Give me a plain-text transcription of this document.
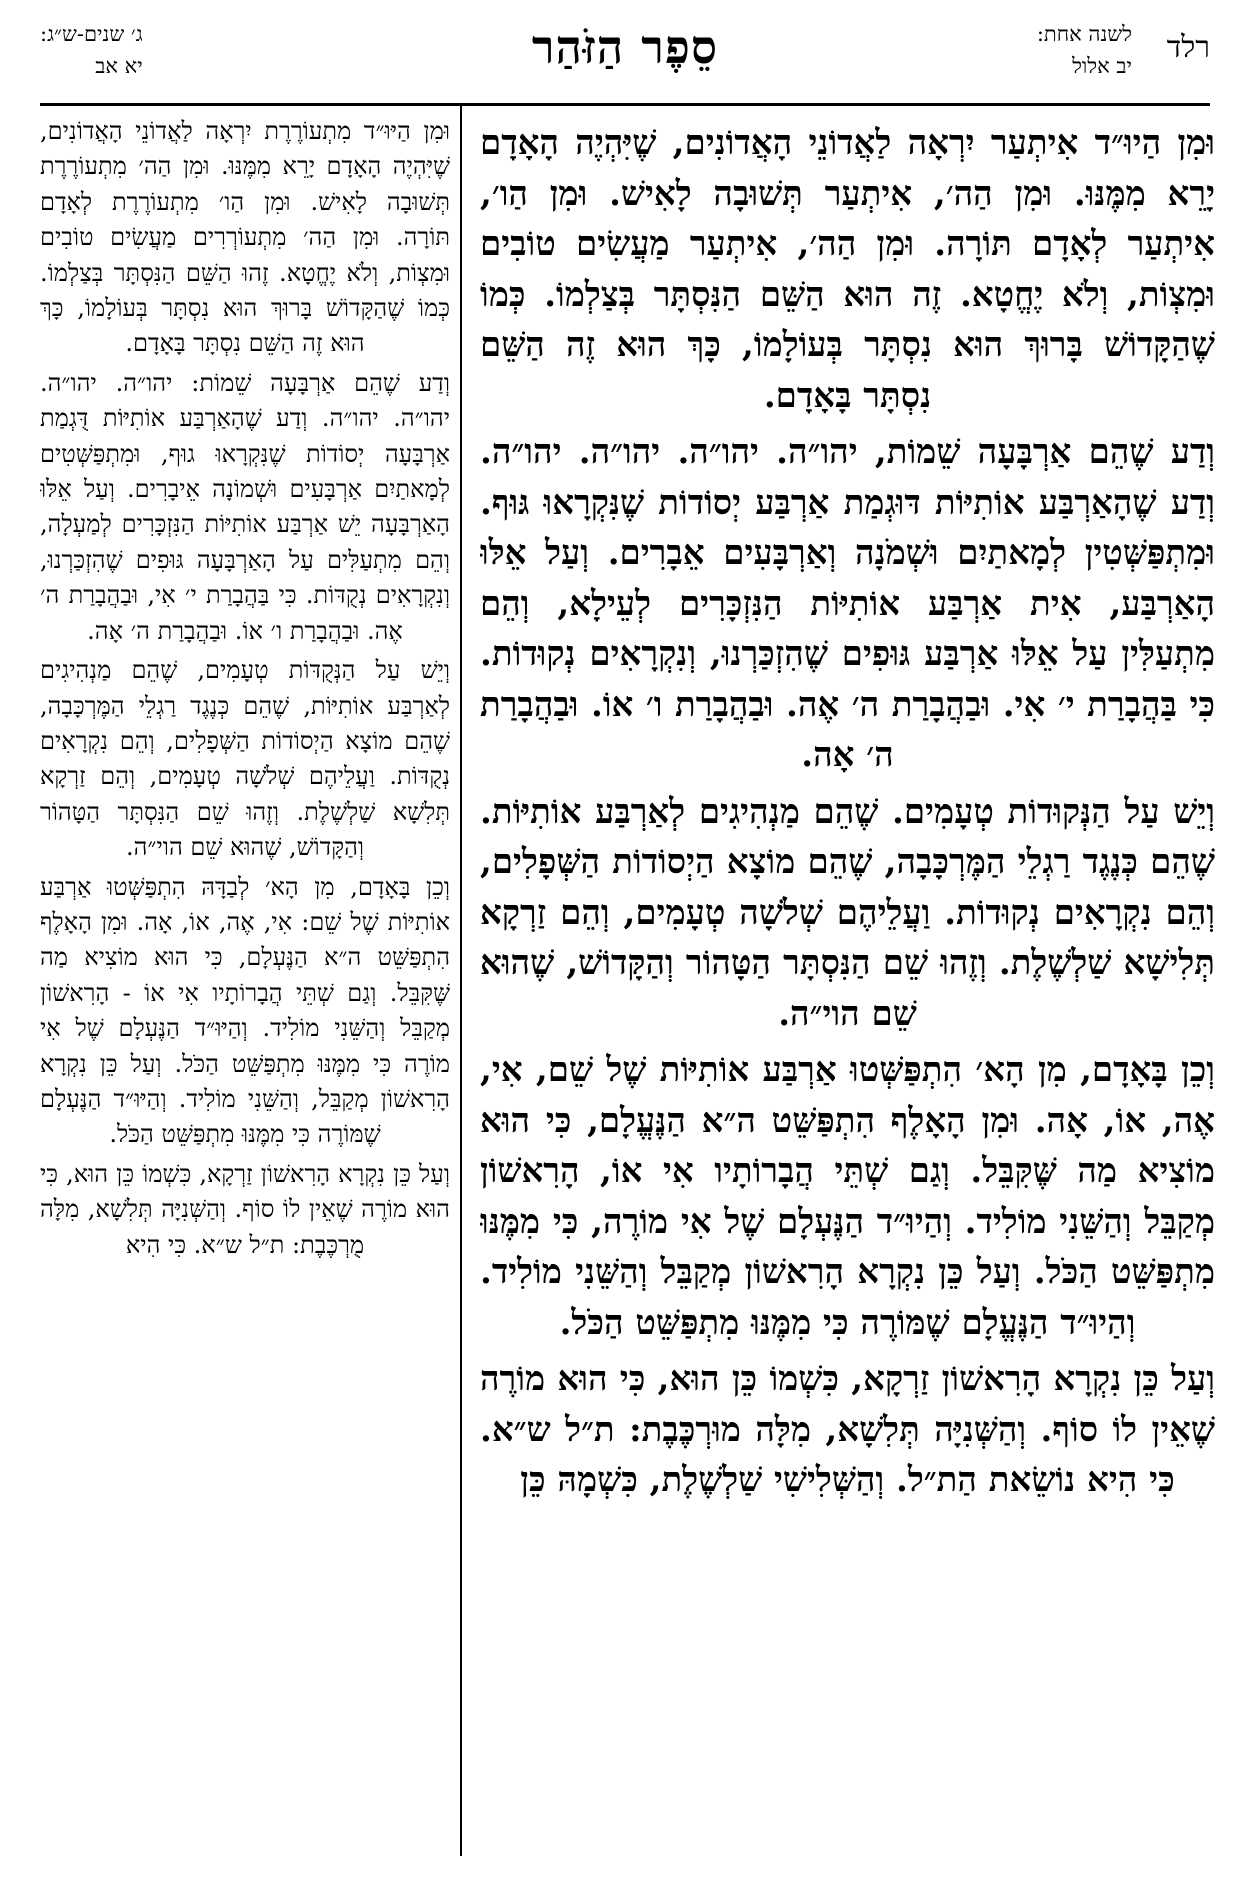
רלד
לשנה אחת:
יב אלול
סֵפֶר הַזֹּהַר
ג׳ שנים-ש״ג:
יא אב

וּמִן הַיוּ״ד אִיתְעַר יִרְאָה לַאֲדוֹנֵי הָאֲדוֹנִים, שֶׁיִּהְיֶה הָאָדָם יָרֵא מִמֶּנּוּ. וּמִן הַה׳, אִיתְעַר תְּשׁוּבָה לָאִישׁ. וּמִן הַו׳, אִיתְעַר לְאָדָם תּוֹרָה. וּמִן הַה׳, אִיתְעַר מַעֲשִׂים טוֹבִים וּמִצְוֹת, וְלֹא יֶחֱטָא. זֶה הוּא הַשֵּׁם הַנִּסְתָּר בְּצַלְמוֹ. כְּמוֹ שֶׁהַקָּדוֹשׁ בָּרוּךְ הוּא נִסְתָּר בְּעוֹלָמוֹ, כָּךְ הוּא זֶה הַשֵּׁם נִסְתָּר בָּאָדָם.

וְדַע שֶׁהֵם אַרְבָּעָה שֵׁמוֹת, יהו״ה. יהו״ה. יהו״ה. יהו״ה. וְדַע שֶׁהָאַרְבַּע אוֹתִיּוֹת דּוּגְמַת אַרְבַּע יְסוֹדוֹת שֶׁנִּקְרָאוּ גּוּף. וּמִתְפַּשְּׁטִין לְמָאתַיִם וּשְׁמֹנָה וְאַרְבָּעִים אֵבָרִים. וְעַל אֵלּוּ הָאַרְבַּע, אִית אַרְבַּע אוֹתִיּוֹת הַנִּזְכָּרִים לְעֵילָא, וְהֵם מִתְעַלִּין עַל אֵלּוּ אַרְבַּע גּוּפִים שֶׁהִזְכַּרְנוּ, וְנִקְרָאִים נְקוּדוֹת. כִּי בַּהֲבָרַת י׳ אִי. וּבַהֲבָרַת ה׳ אֶה. וּבַהֲבָרַת ו׳ אוֹ. וּבַהֲבָרַת ה׳ אָה.

וְיֵשׁ עַל הַנְּקוּדוֹת טְעָמִים. שֶׁהֵם מַנְהִיגִים לְאַרְבַּע אוֹתִיּוֹת. שֶׁהֵם כְּנֶגֶד רַגְלֵי הַמֶּרְכָּבָה, שֶׁהֵם מוֹצָא הַיְסוֹדוֹת הַשְּׁפָלִים, וְהֵם נִקְרָאִים נְקוּדוֹת. וַעֲלֵיהֶם שְׁלֹשָׁה טְעָמִים, וְהֵם זַרְקָא תְּלִישָׁא שַׁלְשֶׁלֶת. וְזֶהוּ שֵׁם הַנִּסְתָּר הַטָּהוֹר וְהַקָּדוֹשׁ, שֶׁהוּא שֵׁם הוי״ה.

וְכֵן בָּאָדָם, מִן הָא׳ הִתְפַּשְּׁטוּ אַרְבַּע אוֹתִיּוֹת שֶׁל שֵׁם, אִי, אֶה, אוֹ, אָה. וּמִן הָאָלֶף הִתְפַּשֵּׁט ה״א הַנֶּעֱלָם, כִּי הוּא מוֹצִיא מַה שֶּׁקִּבֵּל. וְגַם שְׁתֵּי הֲבָרוֹתָיו אִי אוֹ, הָרִאשׁוֹן מְקַבֵּל וְהַשֵּׁנִי מוֹלִיד. וְהַיוּ״ד הַנֶּעְלָם שֶׁל אִי מוֹרֶה, כִּי מִמֶּנּוּ מִתְפַּשֵּׁט הַכֹּל. וְעַל כֵּן נִקְרָא הָרִאשׁוֹן מְקַבֵּל וְהַשֵּׁנִי מוֹלִיד. וְהַיוּ״ד הַנֶּעֱלָם שֶׁמּוֹרֶה כִּי מִמֶּנּוּ מִתְפַּשֵּׁט הַכֹּל.

וְעַל כֵּן נִקְרָא הָרִאשׁוֹן זַרְקָא, כִּשְׁמוֹ כֵּן הוּא, כִּי הוּא מוֹרֶה שֶׁאֵין לוֹ סוֹף. וְהַשְּׁנִיָּה תְּלִשָׁא, מִלָּה מוּרְכֶּבֶת: ת״ל ש״א. כִּי הִיא נוֹשֵׂאת הַת״ל. וְהַשְּׁלִישִׁי שַׁלְשֶׁלֶת, כִּשְׁמָהּ כֵּן

וּמִן הַיּוּ״ד מִתְעוֹרֶרֶת יִרְאָה לַאֲדוֹנֵי הָאֲדוֹנִים, שֶׁיִּהְיֶה הָאָדָם יָרֵא מִמֶּנּוּ. וּמִן הַה׳ מִתְעוֹרֶרֶת תְּשׁוּבָה לָאִישׁ. וּמִן הַו׳ מִתְעוֹרֶרֶת לְאָדָם תּוֹרָה. וּמִן הַה׳ מִתְעוֹרְרִים מַעֲשִׂים טוֹבִים וּמִצְוֹת, וְלֹא יֶחֱטָא. זֶהוּ הַשֵּׁם הַנִּסְתָּר בְּצַלְמוֹ. כְּמוֹ שֶׁהַקָּדוֹשׁ בָּרוּךְ הוּא נִסְתָּר בְּעוֹלָמוֹ, כָּךְ הוּא זֶה הַשֵּׁם נִסְתָּר בָּאָדָם.

וְדַע שֶׁהֵם אַרְבָּעָה שֵׁמוֹת: יהו״ה. יהו״ה. יהו״ה. יהו״ה. וְדַע שֶׁהָאַרְבַּע אוֹתִיּוֹת דֻּגְמַת אַרְבָּעָה יְסוֹדוֹת שֶׁנִּקְרָאוּ גוּף, וּמִתְפַּשְּׁטִים לְמָאתַיִם אַרְבָּעִים וּשְׁמוֹנָה אֵיבָרִים. וְעַל אֵלּוּ הָאַרְבָּעָה יֵשׁ אַרְבַּע אוֹתִיּוֹת הַנִּזְכָּרִים לְמַעְלָה, וְהֵם מִתְעַלִּים עַל הָאַרְבָּעָה גּוּפִים שֶׁהִזְכַּרְנוּ, וְנִקְרָאִים נְקֻדּוֹת. כִּי בַּהֲבָרַת י׳ אִי, וּבַהֲבָרַת ה׳ אֶה. וּבַהֲבָרַת ו׳ אוֹ. וּבַהֲבָרַת ה׳ אָה.

וְיֵשׁ עַל הַנְּקֻדּוֹת טְעָמִים, שֶׁהֵם מַנְהִיגִים לְאַרְבַּע אוֹתִיּוֹת, שֶׁהֵם כְּנֶגֶד רַגְלֵי הַמֶּרְכָּבָה, שֶׁהֵם מוֹצָא הַיְסוֹדוֹת הַשְּׁפָלִים, וְהֵם נִקְרָאִים נְקֻדּוֹת. וַעֲלֵיהֶם שְׁלֹשָׁה טְעָמִים, וְהֵם זַרְקָא תְּלִשָׁא שַׁלְשֶׁלֶת. וְזֶהוּ שֵׁם הַנִּסְתָּר הַטָּהוֹר וְהַקָּדוֹשׁ, שֶׁהוּא שֵׁם הוי״ה.

וְכֵן בָּאָדָם, מִן הָא׳ לְבַדָּהּ הִתְפַּשְּׁטוּ אַרְבַּע אוֹתִיּוֹת שֶׁל שֵׁם: אִי, אֶה, אוֹ, אָה. וּמִן הָאָלֶף הִתְפַּשֵּׁט ה״א הַנֶּעְלָם, כִּי הוּא מוֹצִיא מַה שֶּׁקִּבֵּל. וְגַם שְׁתֵּי הֲבָרוֹתָיו אִי אוֹ - הָרִאשׁוֹן מְקַבֵּל וְהַשֵּׁנִי מוֹלִיד. וְהַיּוּ״ד הַנֶּעְלָם שֶׁל אִי מוֹרֶה כִּי מִמֶּנּוּ מִתְפַּשֵּׁט הַכֹּל. וְעַל כֵּן נִקְרָא הָרִאשׁוֹן מְקַבֵּל, וְהַשֵּׁנִי מוֹלִיד. וְהַיּוּ״ד הַנֶּעְלָם שֶׁמּוֹרֶה כִּי מִמֶּנּוּ מִתְפַּשֵּׁט הַכֹּל.

וְעַל כֵּן נִקְרָא הָרִאשׁוֹן זַרְקָא, כִּשְׁמוֹ כֵּן הוּא, כִּי הוּא מוֹרֶה שֶׁאֵין לוֹ סוֹף. וְהַשְּׁנִיָּה תְּלִשָׁא, מִלָּה מֻרְכֶּבֶת: ת״ל ש״א. כִּי הִיא
